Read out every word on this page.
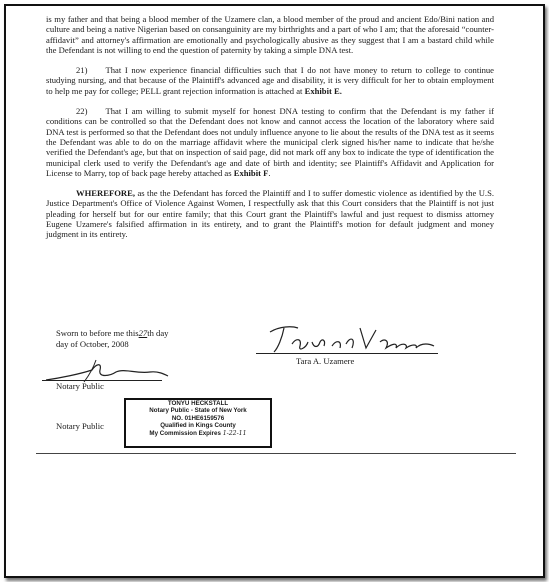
is my father and that being a blood member of the Uzamere clan, a blood member of the proud and ancient Edo/Bini nation and culture and being a native Nigerian based on consanguinity are my birthrights and a part of who I am; that the aforesaid “counter-affidavit” and attorney's affirmation are emotionally and psychologically abusive as they suggest that I am a bastard child while the Defendant is not willing to end the question of paternity by taking a simple DNA test.

21) That I now experience financial difficulties such that I do not have money to return to college to continue studying nursing, and that because of the Plaintiff's advanced age and disability, it is very difficult for her to obtain employment to help me pay for college; PELL grant rejection information is attached at Exhibit E.

22) That I am willing to submit myself for honest DNA testing to confirm that the Defendant is my father if conditions can be controlled so that the Defendant does not know and cannot access the location of the laboratory where said DNA test is performed so that the Defendant does not unduly influence anyone to lie about the results of the DNA test as it seems the Defendant was able to do on the marriage affidavit where the municipal clerk signed his/her name to indicate that he/she verified the Defendant's age, but that on inspection of said page, did not mark off any box to indicate the type of identification the municipal clerk used to verify the Defendant's age and date of birth and identity; see Plaintiff's Affidavit and Application for License to Marry, top of back page hereby attached as Exhibit F.

WHEREFORE, as the the Defendant has forced the Plaintiff and I to suffer domestic violence as identified by the U.S. Justice Department's Office of Violence Against Women, I respectfully ask that this Court considers that the Plaintiff is not just pleading for herself but for our entire family; that this Court grant the Plaintiff's lawful and just request to dismiss attorney Eugene Uzamere's falsified affirmation in its entirety, and to grant the Plaintiff's motion for default judgment and money judgment in its entirety.

Sworn to before me this27th day
day of October, 2008
Tara A. Uzamere
Notary Public
Notary Public
TONYU HECKSTALL
Notary Public - State of New York
NO. 01HE6159576
Qualified in Kings County
My Commission Expires 1-22-11
